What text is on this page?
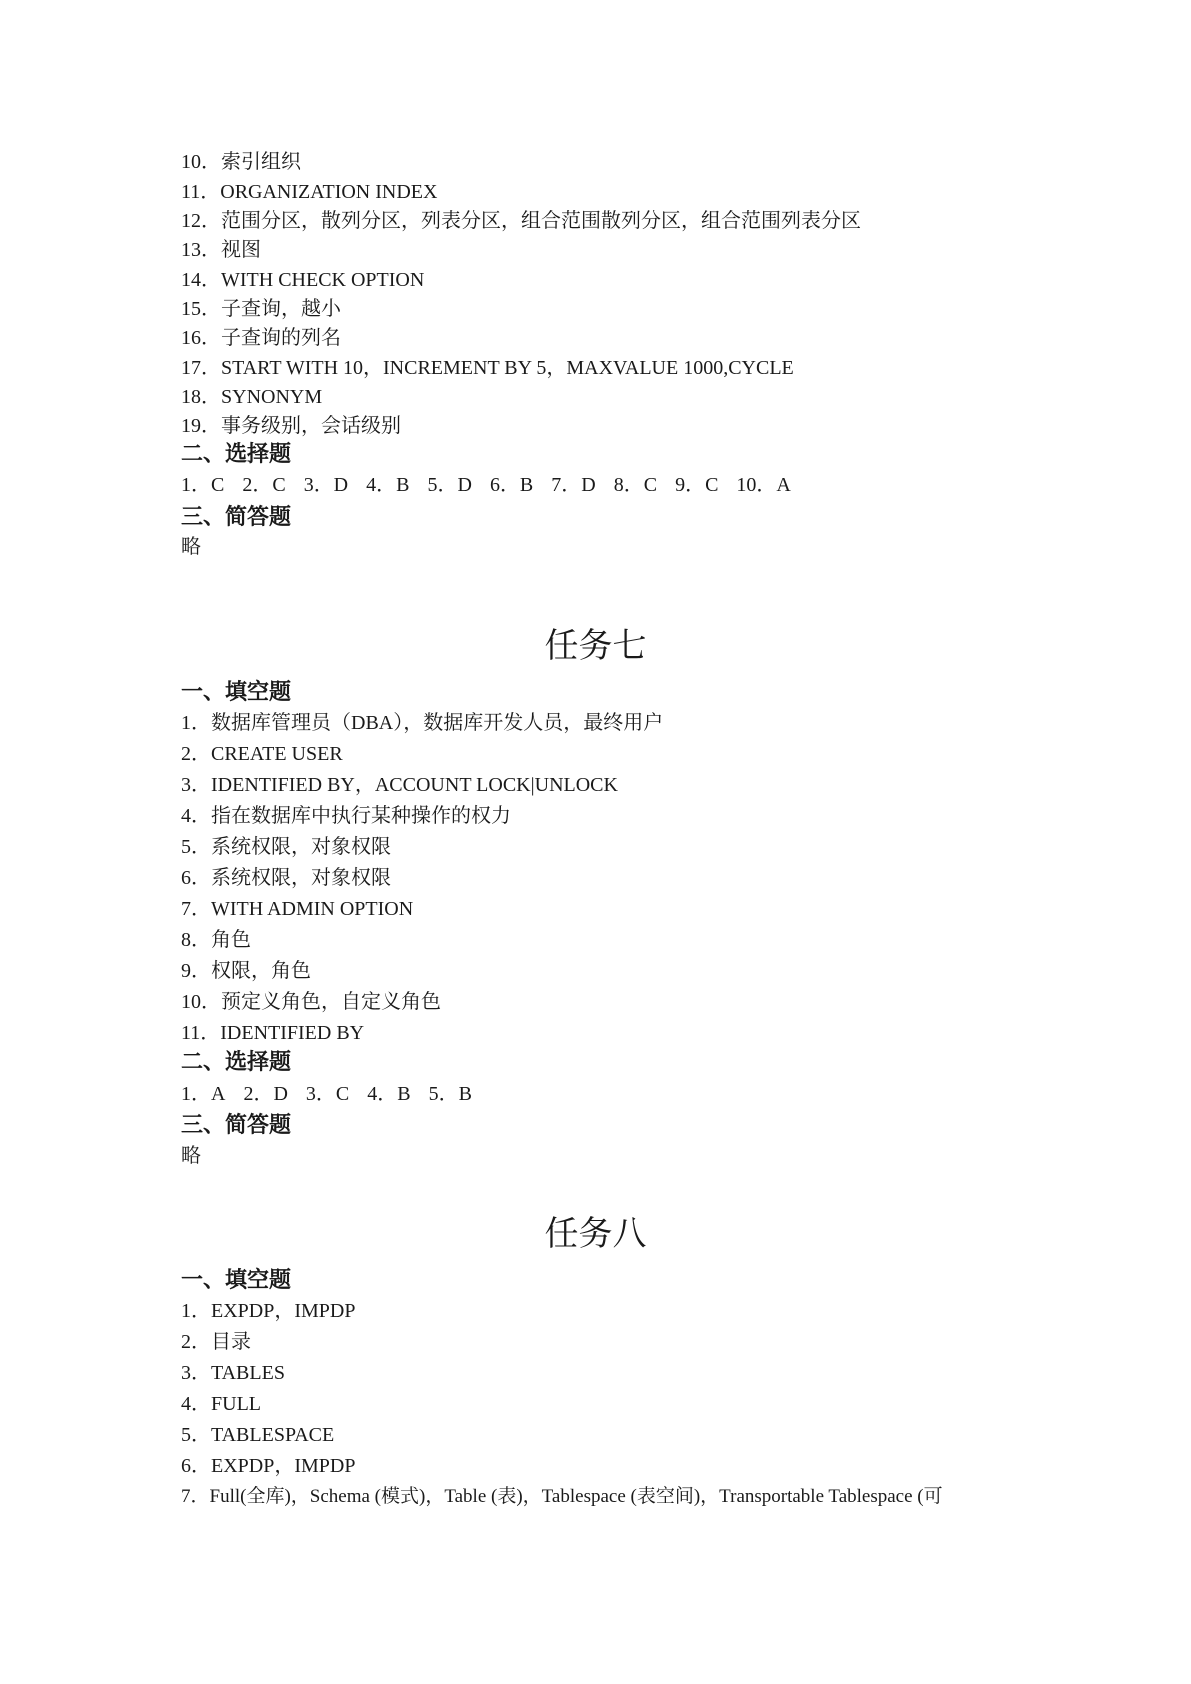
10．索引组织
11．ORGANIZATION INDEX
12．范围分区，散列分区，列表分区，组合范围散列分区，组合范围列表分区
13．视图
14．WITH CHECK OPTION
15．子查询，越小
16．子查询的列名
17．START WITH 10，INCREMENT BY 5，MAXVALUE 1000,CYCLE
18．SYNONYM
19．事务级别，会话级别
二、选择题
1．C 2．C 3．D 4．B 5．D 6．B 7．D 8．C 9．C 10．A
三、简答题
略
任务七
一、填空题
1．数据库管理员（DBA），数据库开发人员，最终用户
2．CREATE USER
3．IDENTIFIED BY，ACCOUNT LOCK|UNLOCK
4．指在数据库中执行某种操作的权力
5．系统权限，对象权限
6．系统权限，对象权限
7．WITH ADMIN OPTION
8．角色
9．权限，角色
10．预定义角色，自定义角色
11．IDENTIFIED BY
二、选择题
1．A 2．D 3．C 4．B 5．B
三、简答题
略
任务八
一、填空题
1．EXPDP，IMPDP
2．目录
3．TABLES
4．FULL
5．TABLESPACE
6．EXPDP，IMPDP
7．Full(全库)，Schema (模式)，Table (表)，Tablespace (表空间)，Transportable Tablespace (可
